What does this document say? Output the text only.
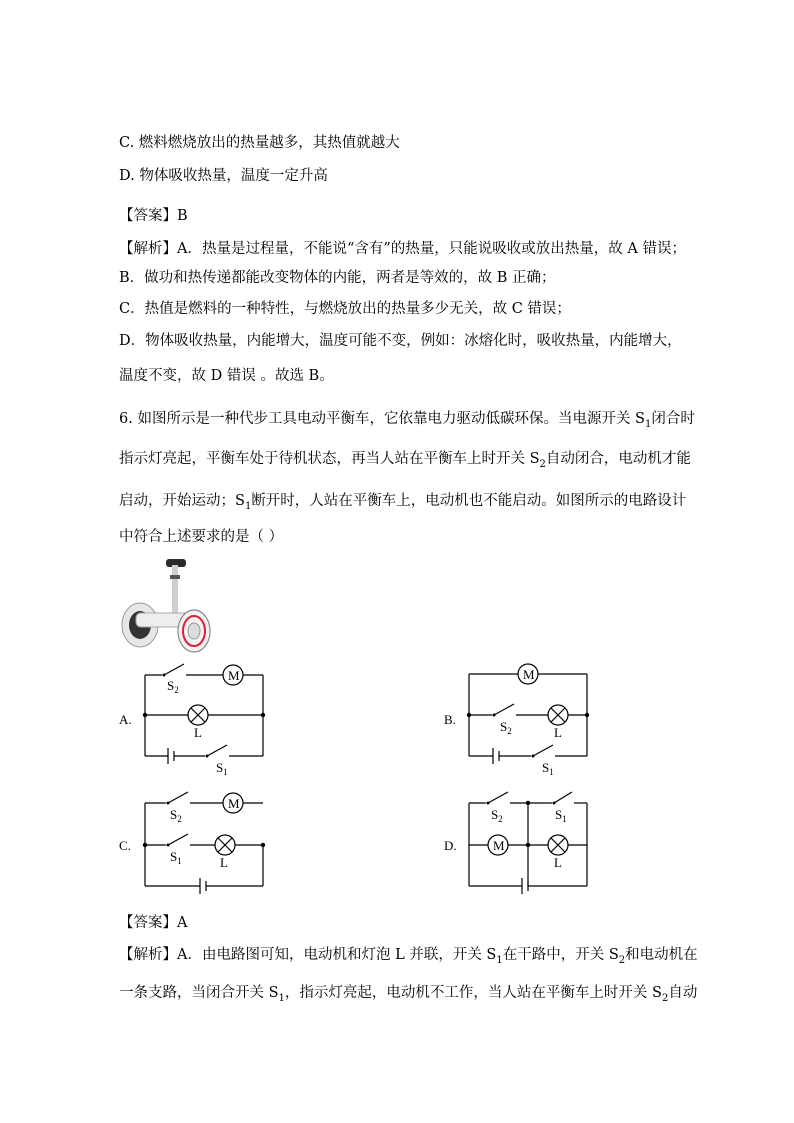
C. 燃料燃烧放出的热量越多，其热值就越大
D. 物体吸收热量，温度一定升高
【答案】B
【解析】A．热量是过程量，不能说“含有”的热量，只能说吸收或放出热量，故 A 错误；
B．做功和热传递都能改变物体的内能，两者是等效的，故 B 正确；
C．热值是燃料的一种特性，与燃烧放出的热量多少无关，故 C 错误；
D．物体吸收热量，内能增大，温度可能不变，例如：冰熔化时，吸收热量，内能增大，
温度不变，故 D 错误 。故选 B。
6. 如图所示是一种代步工具电动平衡车，它依靠电力驱动低碳环保。当电源开关 $S_1$闭合时
指示灯亮起，平衡车处于待机状态，再当人站在平衡车上时开关 $S_2$自动闭合，电动机才能
启动，开始运动；$S_1$断开时，人站在平衡车上，电动机也不能启动。如图所示的电路设计
中符合上述要求的是（ ）
A.	B.
C.	D.
M
L
$S_2$
$S_1$
M
L
$S_2$
$S_1$
M
L
$S_2$
$S_1$
M
L
$S_2$	$S_1$
【答案】A
【解析】A．由电路图可知，电动机和灯泡 L 并联，开关 $S_1$在干路中，开关 $S_2$和电动机在
一条支路，当闭合开关 $S_1$，指示灯亮起，电动机不工作，当人站在平衡车上时开关 $S_2$自动
